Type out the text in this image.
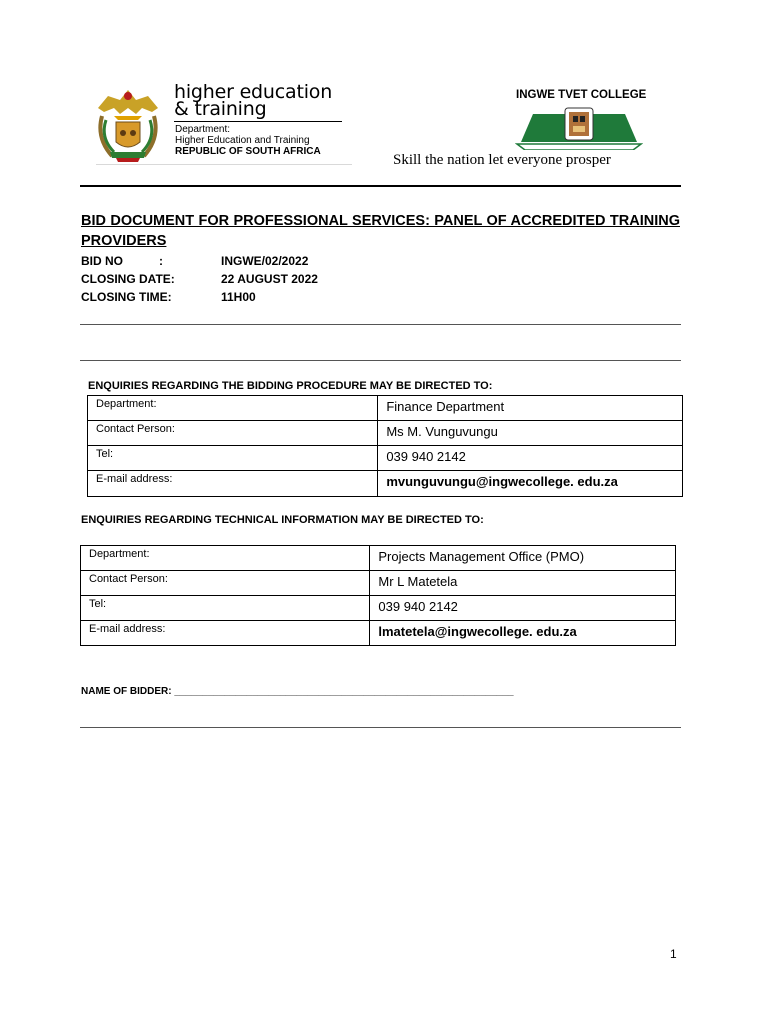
higher education
& training
Department:
Higher Education and Training
REPUBLIC OF SOUTH AFRICA
INGWE TVET COLLEGE
Skill the nation let everyone prosper
BID DOCUMENT FOR PROFESSIONAL SERVICES: PANEL OF ACCREDITED TRAINING PROVIDERS
BID NO	:	INGWE/02/2022
CLOSING DATE:	22 AUGUST 2022
CLOSING TIME:	11H00
ENQUIRIES REGARDING THE BIDDING PROCEDURE MAY BE DIRECTED TO:
Department:	Finance Department
Contact Person:	Ms M. Vunguvungu
Tel:	039 940 2142
E-mail address:	mvunguvungu@ingwecollege. edu.za
ENQUIRIES REGARDING TECHNICAL INFORMATION MAY BE DIRECTED TO:
Department:	Projects Management Office (PMO)
Contact Person:	Mr L Matetela
Tel:	039 940 2142
E-mail address:	lmatetela@ingwecollege. edu.za
NAME OF BIDDER: _____________________________________________________________
1
